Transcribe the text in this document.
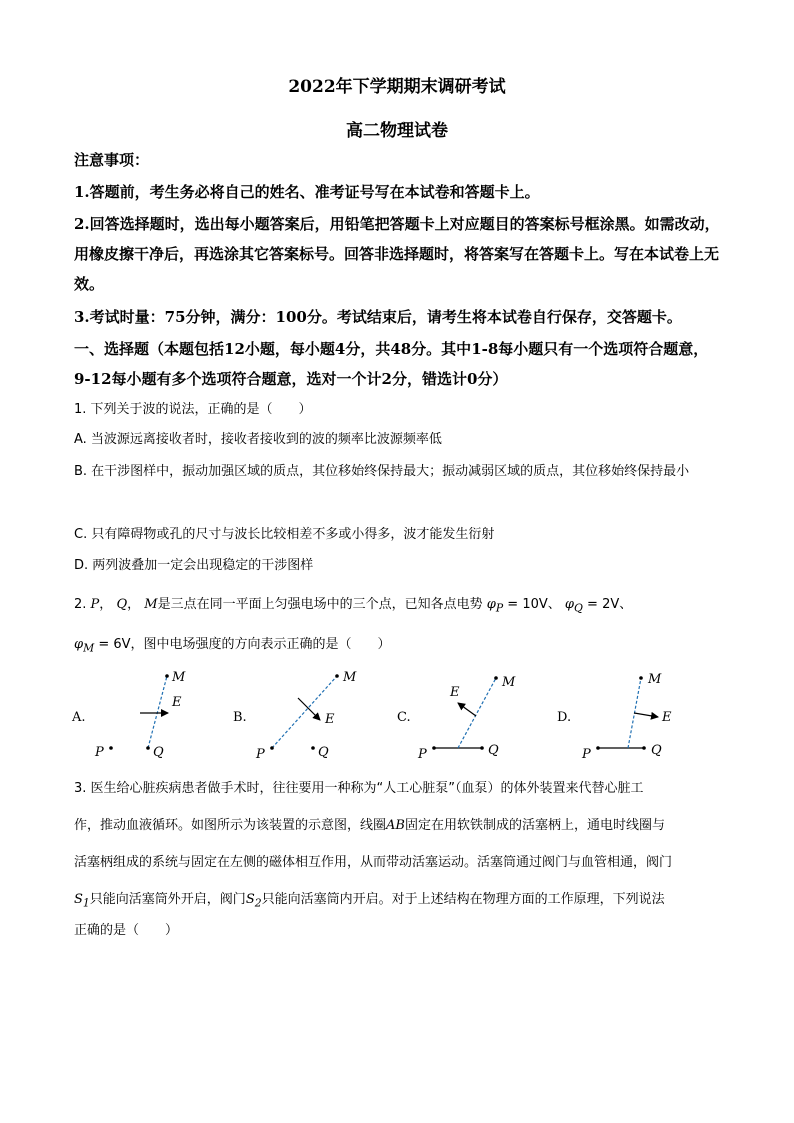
2022年下学期期末调研考试
高二物理试卷

注意事项：

1.答题前，考生务必将自己的姓名、准考证号写在本试卷和答题卡上。

2.回答选择题时，选出每小题答案后，用铅笔把答题卡上对应题目的答案标号框涂黑。如需改动，用橡皮擦干净后，再选涂其它答案标号。回答非选择题时，将答案写在答题卡上。写在本试卷上无效。

3.考试时量：75分钟，满分：100分。考试结束后，请考生将本试卷自行保存，交答题卡。

一、选择题（本题包括12小题，每小题4分，共48分。其中1-8每小题只有一个选项符合题意，9-12每小题有多个选项符合题意，选对一个计2分，错选计0分）

1. 下列关于波的说法，正确的是（　　）

A. 当波源远离接收者时，接收者接收到的波的频率比波源频率低

B. 在干涉图样中，振动加强区域的质点，其位移始终保持最大；振动减弱区域的质点，其位移始终保持最小

C. 只有障碍物或孔的尺寸与波长比较相差不多或小得多，波才能发生衍射

D. 两列波叠加一定会出现稳定的干涉图样

2. P， Q， M是三点在同一平面上匀强电场中的三个点，已知各点电势 $\varphi_P = 10V$、 $\varphi_Q = 2V$、

$\varphi_M = 6V$，图中电场强度的方向表示正确的是（　　）

A.
M
Q
P
E
B.
M
P	Q
E	C.
P	Q
M
E
D.
P	Q
M
E

3. 医生给心脏疾病患者做手术时，往往要用一种称为“人工心脏泵”（血泵）的体外装置来代替心脏工

作，推动血液循环。如图所示为该装置的示意图，线圈AB固定在用软铁制成的活塞柄上，通电时线圈与

活塞柄组成的系统与固定在左侧的磁体相互作用，从而带动活塞运动。活塞筒通过阀门与血管相通，阀门

$S_1$只能向活塞筒外开启，阀门$S_2$只能向活塞筒内开启。对于上述结构在物理方面的工作原理，下列说法

正确的是（　　）
